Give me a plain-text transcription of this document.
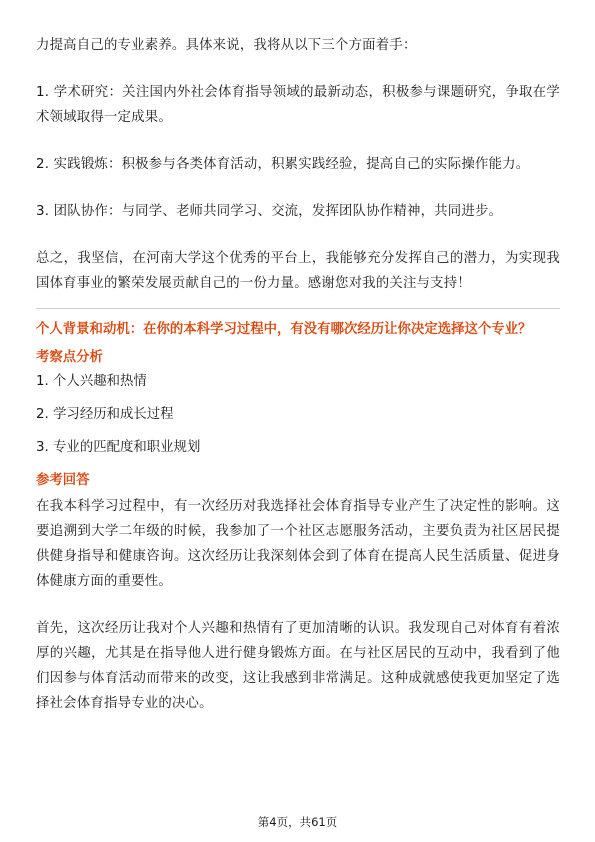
力提高自己的专业素养。具体来说，我将从以下三个方面着手：

1. 学术研究：关注国内外社会体育指导领域的最新动态，积极参与课题研究，争取在学术领域取得一定成果。

2. 实践锻炼：积极参与各类体育活动，积累实践经验，提高自己的实际操作能力。

3. 团队协作：与同学、老师共同学习、交流，发挥团队协作精神，共同进步。

总之，我坚信，在河南大学这个优秀的平台上，我能够充分发挥自己的潜力，为实现我国体育事业的繁荣发展贡献自己的一份力量。感谢您对我的关注与支持！

个人背景和动机：在你的本科学习过程中，有没有哪次经历让你决定选择这个专业？

考察点分析

1. 个人兴趣和热情

2. 学习经历和成长过程

3. 专业的匹配度和职业规划

参考回答

在我本科学习过程中，有一次经历对我选择社会体育指导专业产生了决定性的影响。这要追溯到大学二年级的时候，我参加了一个社区志愿服务活动，主要负责为社区居民提供健身指导和健康咨询。这次经历让我深刻体会到了体育在提高人民生活质量、促进身体健康方面的重要性。

首先，这次经历让我对个人兴趣和热情有了更加清晰的认识。我发现自己对体育有着浓厚的兴趣，尤其是在指导他人进行健身锻炼方面。在与社区居民的互动中，我看到了他们因参与体育活动而带来的改变，这让我感到非常满足。这种成就感使我更加坚定了选择社会体育指导专业的决心。

第4页，共61页
